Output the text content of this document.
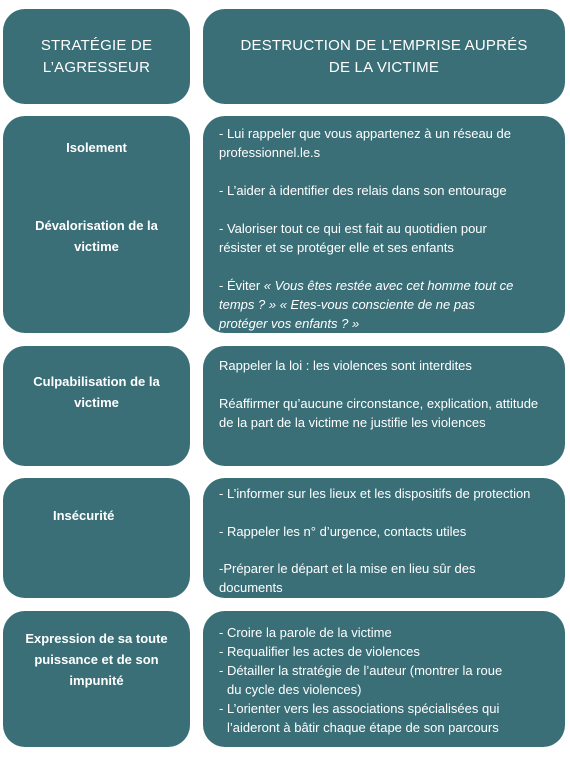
STRATÉGIE DE
L’AGRESSEUR
DESTRUCTION DE L’EMPRISE AUPRÉS
DE LA VICTIME
Isolement
Dévalorisation de la victime
- Lui rappeler que vous appartenez à un réseau de
professionnel.le.s
- L’aider à identifier des relais dans son entourage
- Valoriser tout ce qui est fait au quotidien pour
résister et se protéger elle et ses enfants
- Éviter « Vous êtes restée avec cet homme tout ce
temps ? » « Etes-vous consciente de ne pas
protéger vos enfants ? »
Culpabilisation de la
victime
Rappeler la loi : les violences sont interdites
Réaffirmer qu’aucune circonstance, explication, attitude
de la part de la victime ne justifie les violences
Insécurité
- L’informer sur les lieux et les dispositifs de protection
- Rappeler les n° d’urgence, contacts utiles
-Préparer le départ et la mise en lieu sûr des
documents
Expression de sa toute
puissance et de son
impunité
- Croire la parole de la victime
- Requalifier les actes de violences
- Détailler la stratégie de l’auteur (montrer la roue
du cycle des violences)
- L’orienter vers les associations spécialisées qui
l’aideront à bâtir chaque étape de son parcours
